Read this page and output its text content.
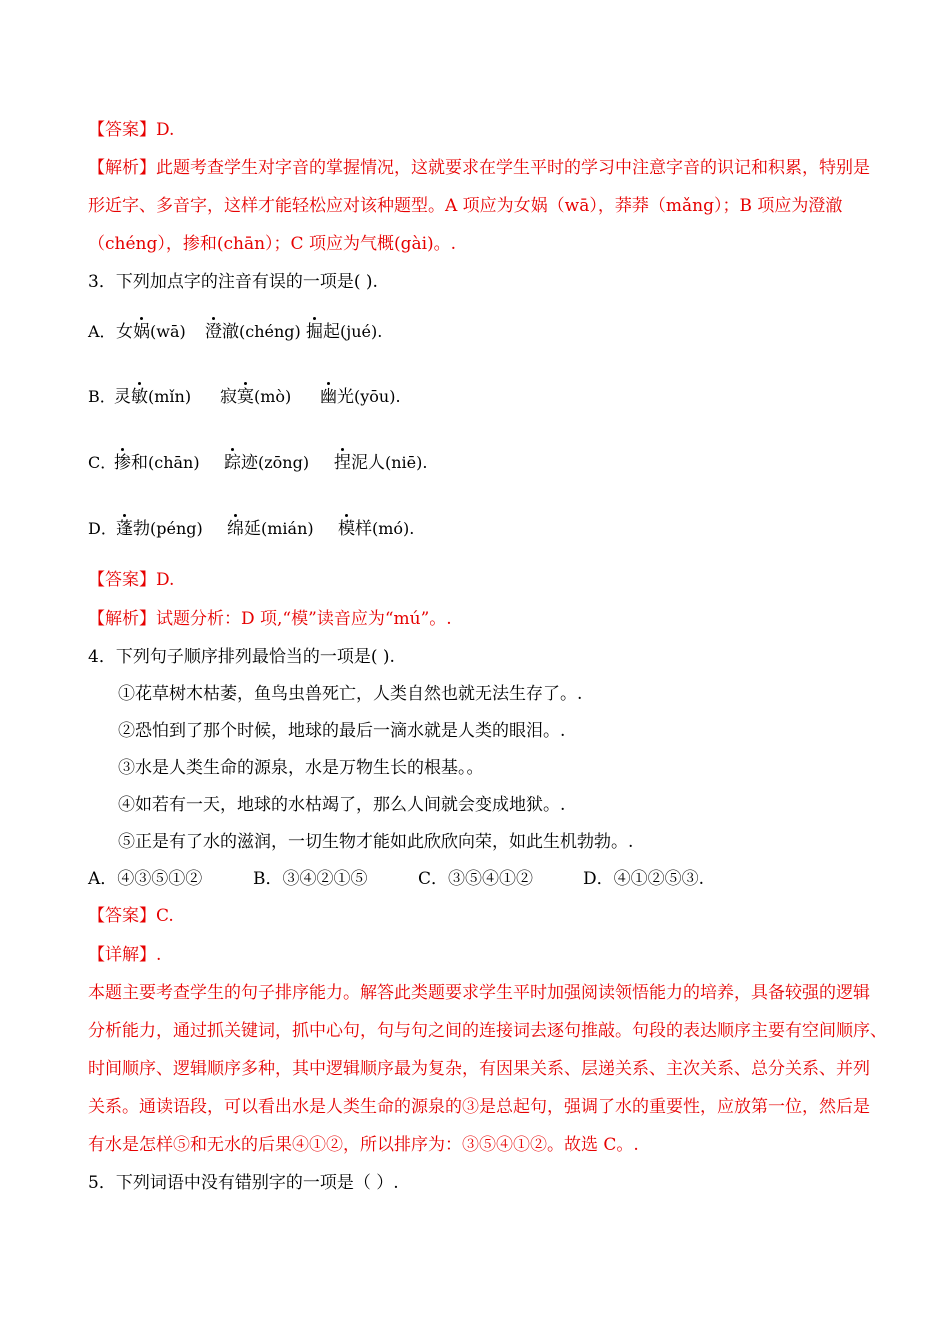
【答案】D.
【解析】此题考查学生对字音的掌握情况，这就要求在学生平时的学习中注意字音的识记和积累，特别是
形近字、多音字，这样才能轻松应对该种题型。A 项应为女娲（wā），莽莽（mǎng）；B 项应为澄澈
（chéng），掺和(chān）；C 项应为气概(gài)。.
3．下列加点字的注音有误的一项是( ).
A． 女娲(wā) 澄澈(chéng) 掘起(jué).
B．
灵敏(mǐn) 寂寞(mò) 幽光(yōu).
C．
掺和(chān) 踪迹(zōng) 捏泥人(niē).
D． 蓬勃(péng) 绵延(mián) 模样(mó).
【答案】D.
【解析】试题分析：D 项,“模”读音应为“mú”。.
4．下列句子顺序排列最恰当的一项是( ).
①花草树木枯萎，鱼鸟虫兽死亡，人类自然也就无法生存了。.
②恐怕到了那个时候，地球的最后一滴水就是人类的眼泪。.
③水是人类生命的源泉，水是万物生长的根基。。
④如若有一天，地球的水枯竭了，那么人间就会变成地狱。.
⑤正是有了水的滋润，一切生物才能如此欣欣向荣，如此生机勃勃。.
A．④③⑤①②	B．③④②①⑤	C．③⑤④①②	D．④①②⑤③.
【答案】C.
【详解】.
本题主要考查学生的句子排序能力。解答此类题要求学生平时加强阅读领悟能力的培养，具备较强的逻辑
分析能力，通过抓关键词，抓中心句，句与句之间的连接词去逐句推敲。句段的表达顺序主要有空间顺序、
时间顺序、逻辑顺序多种，其中逻辑顺序最为复杂，有因果关系、层递关系、主次关系、总分关系、并列
关系。通读语段，可以看出水是人类生命的源泉的③是总起句，强调了水的重要性，应放第一位，然后是
有水是怎样⑤和无水的后果④①②，所以排序为：③⑤④①②。故选 C。.
5．下列词语中没有错别字的一项是（ ）.
